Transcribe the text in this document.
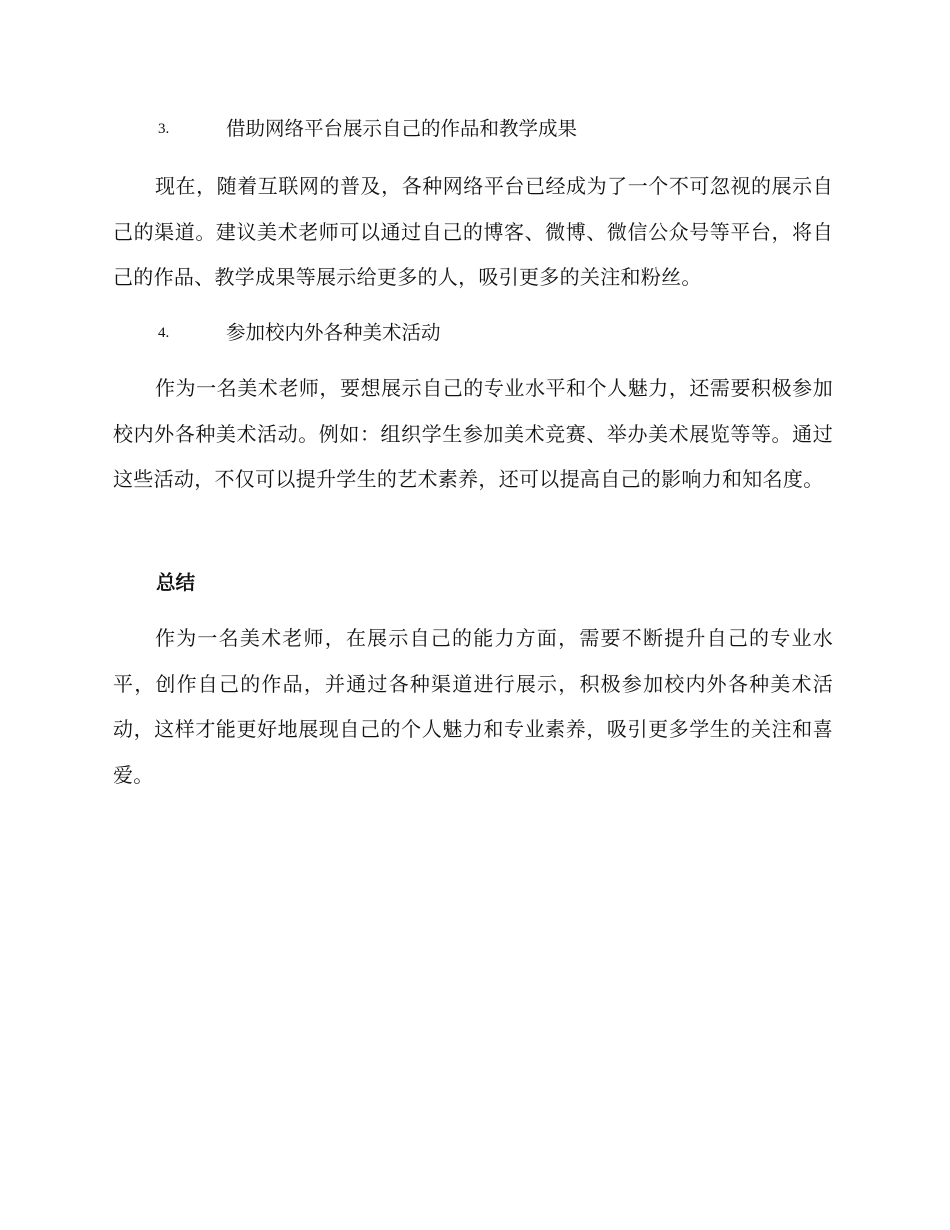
3.	借助网络平台展示自己的作品和教学成果

现在，随着互联网的普及，各种网络平台已经成为了一个不可忽视的展示自己的渠道。建议美术老师可以通过自己的博客、微博、微信公众号等平台，将自己的作品、教学成果等展示给更多的人，吸引更多的关注和粉丝。

4.	参加校内外各种美术活动

作为一名美术老师，要想展示自己的专业水平和个人魅力，还需要积极参加校内外各种美术活动。例如：组织学生参加美术竞赛、举办美术展览等等。通过这些活动，不仅可以提升学生的艺术素养，还可以提高自己的影响力和知名度。

总结

作为一名美术老师，在展示自己的能力方面，需要不断提升自己的专业水平，创作自己的作品，并通过各种渠道进行展示，积极参加校内外各种美术活动，这样才能更好地展现自己的个人魅力和专业素养，吸引更多学生的关注和喜爱。
